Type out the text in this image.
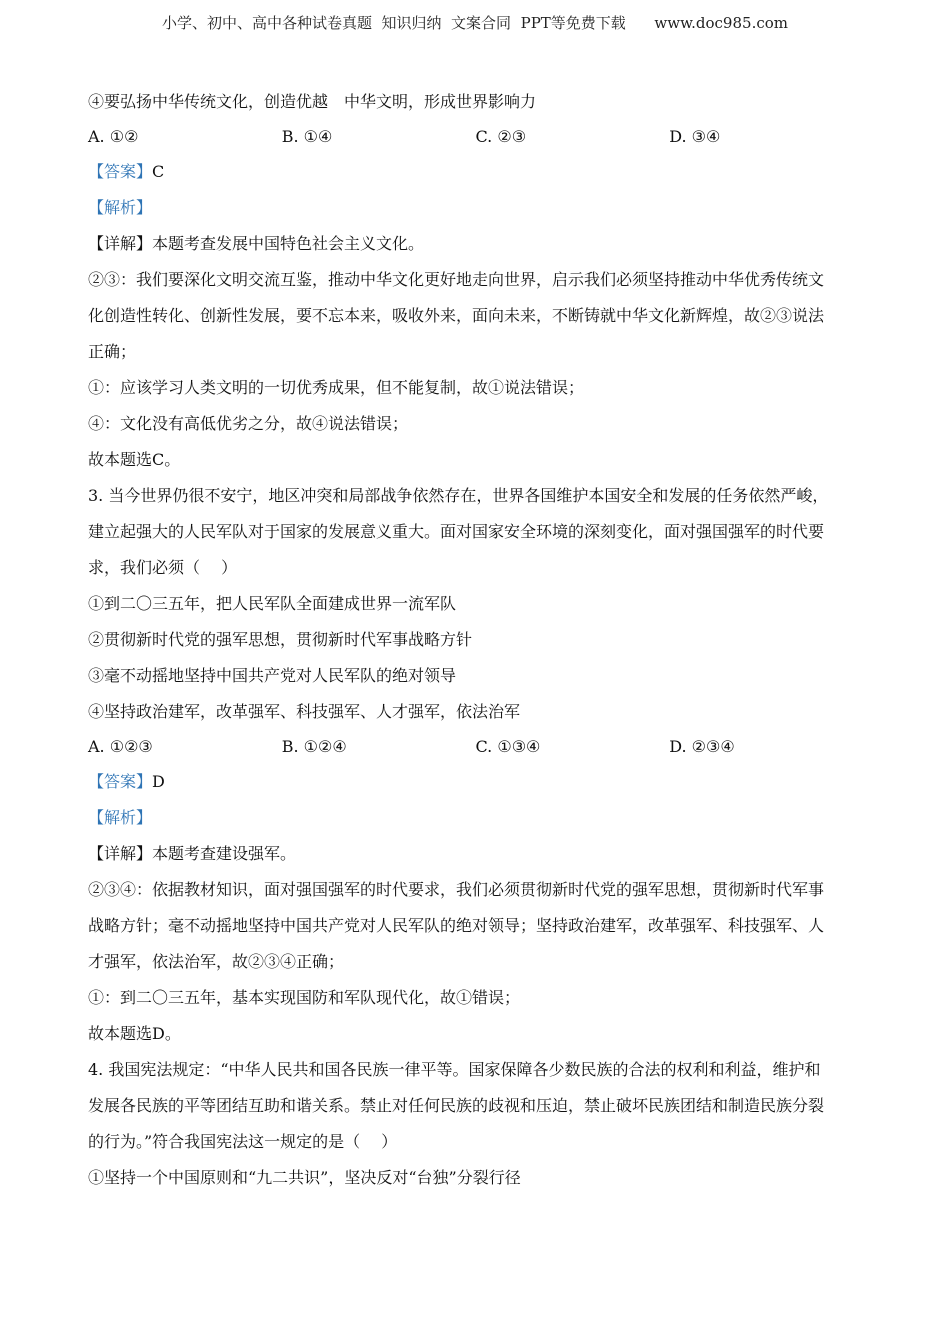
小学、初中、高中各种试卷真题  知识归纳  文案合同  PPT等免费下载      www.doc985.com
④要弘扬中华传统文化，创造优越　中华文明，形成世界影响力
A. ①②	B. ①④	C. ②③	D. ③④
【答案】C
【解析】
【详解】本题考查发展中国特色社会主义文化。
②③：我们要深化文明交流互鉴，推动中华文化更好地走向世界，启示我们必须坚持推动中华优秀传统文
化创造性转化、创新性发展，要不忘本来，吸收外来，面向未来，不断铸就中华文化新辉煌，故②③说法
正确；
①：应该学习人类文明的一切优秀成果，但不能复制，故①说法错误；
④：文化没有高低优劣之分，故④说法错误；
故本题选C。
3. 当今世界仍很不安宁，地区冲突和局部战争依然存在，世界各国维护本国安全和发展的任务依然严峻，
建立起强大的人民军队对于国家的发展意义重大。面对国家安全环境的深刻变化，面对强国强军的时代要
求，我们必须（　 ）
①到二〇三五年，把人民军队全面建成世界一流军队
②贯彻新时代党的强军思想，贯彻新时代军事战略方针
③毫不动摇地坚持中国共产党对人民军队的绝对领导
④坚持政治建军，改革强军、科技强军、人才强军，依法治军
A. ①②③	B. ①②④	C. ①③④	D. ②③④
【答案】D
【解析】
【详解】本题考查建设强军。
②③④：依据教材知识，面对强国强军的时代要求，我们必须贯彻新时代党的强军思想，贯彻新时代军事
战略方针；毫不动摇地坚持中国共产党对人民军队的绝对领导；坚持政治建军，改革强军、科技强军、人
才强军，依法治军，故②③④正确；
①：到二〇三五年，基本实现国防和军队现代化，故①错误；
故本题选D。
4. 我国宪法规定：“中华人民共和国各民族一律平等。国家保障各少数民族的合法的权利和利益，维护和
发展各民族的平等团结互助和谐关系。禁止对任何民族的歧视和压迫，禁止破坏民族团结和制造民族分裂
的行为。”符合我国宪法这一规定的是（　 ）
①坚持一个中国原则和“九二共识”，坚决反对“台独”分裂行径
